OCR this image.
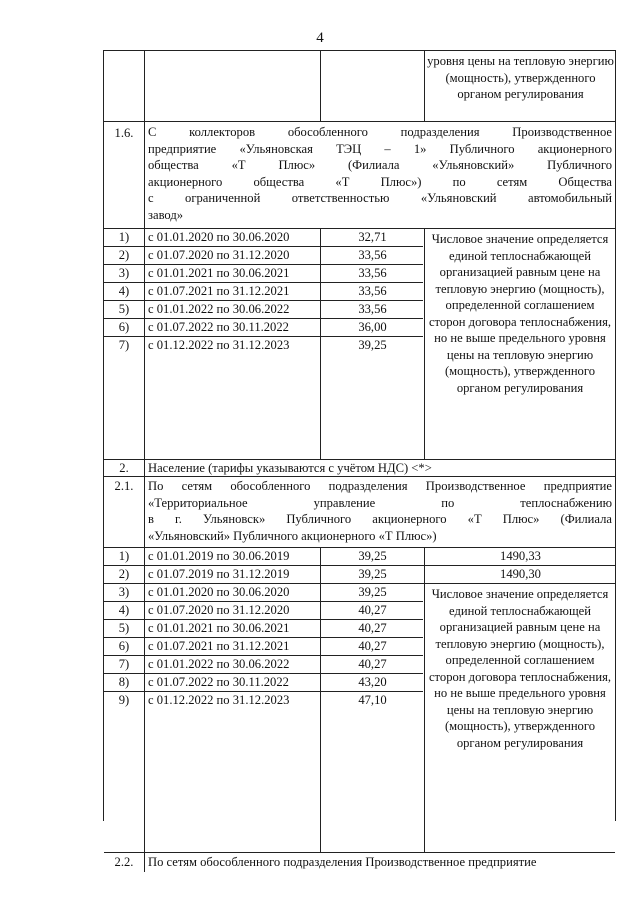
4
уровня цены на тепловую энергию (мощность), утвержденного органом регулирования
1.6.	С коллекторов обособленного подразделения Производственное
предприятие «Ульяновская ТЭЦ – 1» Публичного акционерного
общества «Т Плюс» (Филиала «Ульяновский» Публичного
акционерного общества «Т Плюс») по сетям Общества
с ограниченной ответственностью «Ульяновский автомобильный
завод»
1)	с 01.01.2020 по 30.06.2020	32,71
2)	с 01.07.2020 по 31.12.2020	33,56
3)	с 01.01.2021 по 30.06.2021	33,56
4)	с 01.07.2021 по 31.12.2021	33,56
5)	с 01.01.2022 по 30.06.2022	33,56
6)	с 01.07.2022 по 30.11.2022	36,00
7)	с 01.12.2022 по 31.12.2023	39,25
Числовое значение определяется единой теплоснабжающей организацией равным цене на тепловую энергию (мощность), определенной соглашением сторон договора теплоснабжения, но не выше предельного уровня цены на тепловую энергию (мощность), утвержденного органом регулирования
2.	Население (тарифы указываются с учётом НДС) <*>
2.1.	По сетям обособленного подразделения Производственное предприятие
«Территориальное управление по теплоснабжению
в г. Ульяновск» Публичного акционерного «Т Плюс» (Филиала
«Ульяновский» Публичного акционерного «Т Плюс»)
1)	с 01.01.2019 по 30.06.2019	39,25	1490,33
2)	с 01.07.2019 по 31.12.2019	39,25	1490,30
3)	с 01.01.2020 по 30.06.2020	39,25
4)	с 01.07.2020 по 31.12.2020	40,27
5)	с 01.01.2021 по 30.06.2021	40,27
6)	с 01.07.2021 по 31.12.2021	40,27
7)	с 01.01.2022 по 30.06.2022	40,27
8)	с 01.07.2022 по 30.11.2022	43,20
9)	с 01.12.2022 по 31.12.2023	47,10
Числовое значение определяется единой теплоснабжающей организацией равным цене на тепловую энергию (мощность), определенной соглашением сторон договора теплоснабжения, но не выше предельного уровня цены на тепловую энергию (мощность), утвержденного органом регулирования
2.2.	По сетям обособленного подразделения Производственное предприятие
